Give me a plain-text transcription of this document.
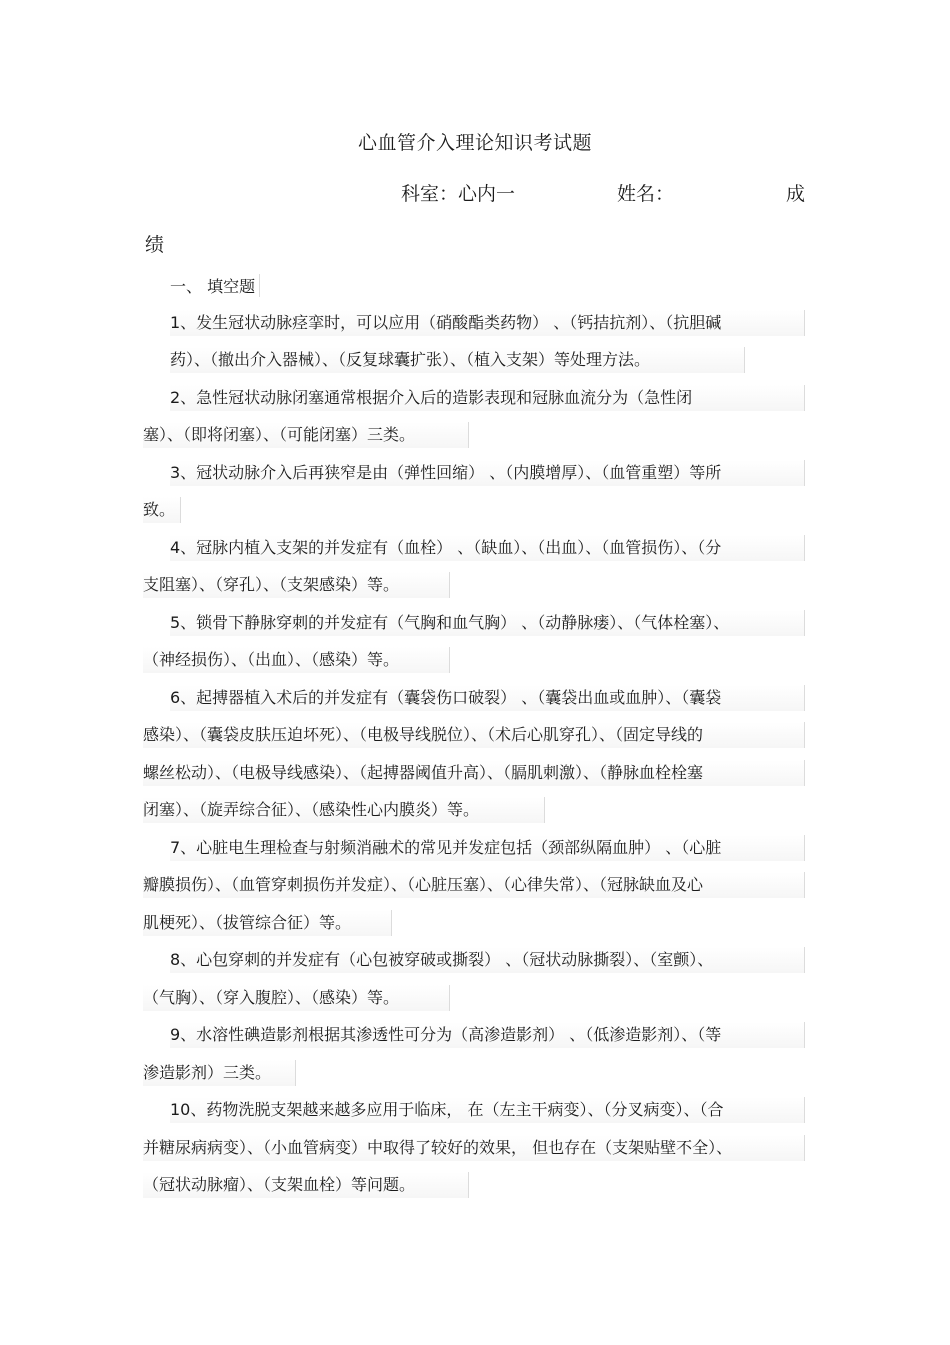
心血管介入理论知识考试题
科室：心内一	姓名：	成
绩
一、 填空题
1、发生冠状动脉痉挛时，可以应用（硝酸酯类药物） 、（钙拮抗剂）、（抗胆碱
药）、（撤出介入器械）、（反复球囊扩张）、（植入支架）等处理方法。
2、急性冠状动脉闭塞通常根据介入后的造影表现和冠脉血流分为（急性闭
塞）、（即将闭塞）、（可能闭塞）三类。
3、冠状动脉介入后再狭窄是由（弹性回缩） 、（内膜增厚）、（血管重塑）等所
致。
4、冠脉内植入支架的并发症有（血栓） 、（缺血）、（出血）、（血管损伤）、（分
支阻塞）、（穿孔）、（支架感染）等。
5、锁骨下静脉穿刺的并发症有（气胸和血气胸） 、（动静脉瘘）、（气体栓塞）、
（神经损伤）、（出血）、（感染）等。
6、起搏器植入术后的并发症有（囊袋伤口破裂） 、（囊袋出血或血肿）、（囊袋
感染）、（囊袋皮肤压迫坏死）、（电极导线脱位）、（术后心肌穿孔）、（固定导线的
螺丝松动）、（电极导线感染）、（起搏器阈值升高）、（膈肌刺激）、（静脉血栓栓塞
闭塞）、（旋弄综合征）、（感染性心内膜炎）等。
7、心脏电生理检查与射频消融术的常见并发症包括（颈部纵隔血肿） 、（心脏
瓣膜损伤）、（血管穿刺损伤并发症）、（心脏压塞）、（心律失常）、（冠脉缺血及心
肌梗死）、（拔管综合征）等。
8、心包穿刺的并发症有（心包被穿破或撕裂） 、（冠状动脉撕裂）、（室颤）、
（气胸）、（穿入腹腔）、（感染）等。
9、水溶性碘造影剂根据其渗透性可分为（高渗造影剂） 、（低渗造影剂）、（等
渗造影剂）三类。
10、药物洗脱支架越来越多应用于临床， 在（左主干病变）、（分叉病变）、（合
并糖尿病病变）、（小血管病变）中取得了较好的效果， 但也存在（支架贴壁不全）、
（冠状动脉瘤）、（支架血栓）等问题。
